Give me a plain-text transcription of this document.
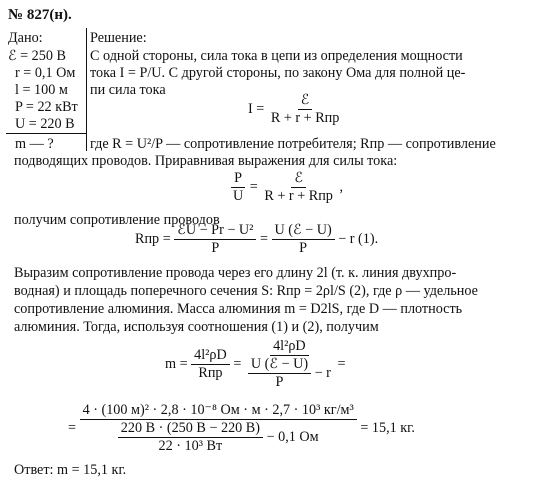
№ 827(н).
Дано:
ℰ = 250 В
r = 0,1 Ом
l = 100 м
P = 22 кВт
U = 220 B
m — ?
Решение:
С одной стороны, сила тока в цепи из определения мощности
тока I = P/U. С другой стороны, по закону Ома для полной це-
пи сила тока
$I = \frac{\text{ℰ}}{\text{R + r + Rпр}}$
где R = U²/P — сопротивление потребителя; Rпр — сопротивление
подводящих проводов. Приравнивая выражения для силы тока:
$\frac{P}{U} = \frac{\text{ℰ}}{\text{R + r + Rпр}}$ ,
получим сопротивление проводов
Rпр = $\frac{\text{ℰU − Pr − U²}}{P} = \frac{\text{U (ℰ − U)}}{P} - r$ (1).
Выразим сопротивление провода через его длину 2l (т. к. линия двухпро-
водная) и площадь поперечного сечения S: Rпр = 2ρl/S (2), где ρ — удельное
сопротивление алюминия. Масса алюминия m = D2lS, где D — плотность
алюминия. Тогда, используя соотношения (1) и (2), получим
$m = \frac{\text{4l²ρD}}{\text{Rпр}} = \frac{\text{4l²ρD}}{\frac{\text{U (ℰ − U)}}{P} - r}$ =
=
4 · (100 м)² · 2,8 · 10⁻⁸ Ом · м · 2,7 · 10³ кг/м³
$\frac{220 В \cdot (250 В - 220 В)}{\text{22 · 10³ Вт}} - 0,1$ Ом
= 15,1 кг.
Ответ: m = 15,1 кг.
